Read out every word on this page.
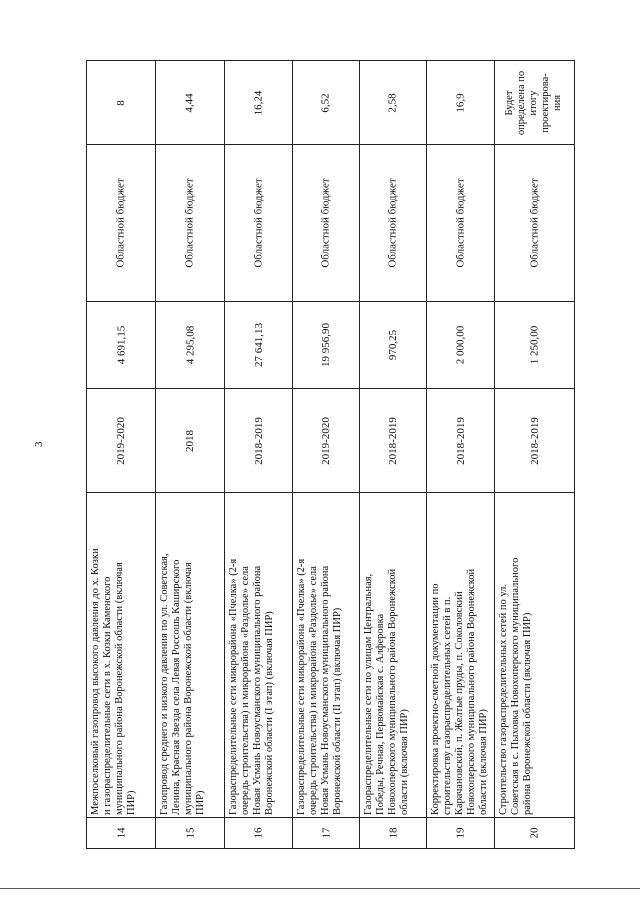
3
8
Областной бюджет
4 691,15
2019-2020
Межпоселковый газопровод высокого давления до х. Козки и газораспределительные сети в х. Козки Каменского муниципального района Воронежской области (включая ПИР)
14
4,44
Областной бюджет
4 295,08
2018
Газопровод среднего и низкого давления по ул. Советская, Ленина, Красная Звезда села Левая Россошь Каширского муниципального района Воронежской области (включая ПИР)
15
16,24
Областной бюджет
27 641,13
2018-2019
Газораспределительные сети микрорайона «Пчелка» (2-я очередь строительства) и микрорайона «Раздолье» села Новая Усмань Новоусманского муниципального района Воронежской области (I этап) (включая ПИР)
16
6,52
Областной бюджет
19 956,90
2019-2020
Газораспределительные сети микрорайона «Пчелка» (2-я очередь строительства) и микрорайона «Раздолье» села Новая Усмань Новоусманского муниципального района Воронежской области (II этап) (включая ПИР)
17
2,58
Областной бюджет
970,25
2018-2019
Газораспределительные сети по улицам Центральная, Победы, Речная, Первомайская с. Алферовка Новохоперского муниципального района Воронежской области (включая ПИР)
18
16,9
Областной бюджет
2 000,00
2018-2019
Корректировка проектно-сметной документации по строительству газораспределительных сетей в п. Карачановский, п. Желтые пруды, п. Соколовский Новохоперского муниципального района Воронежской области (включая ПИР)
19
Будет определена по итогу проектирова- ния
Областной бюджет
1 250,00
2018-2019
Строительство газораспределительных сетей по ул. Советская в с. Пыховка Новохоперского муниципального района Воронежской области (включая ПИР)
20
